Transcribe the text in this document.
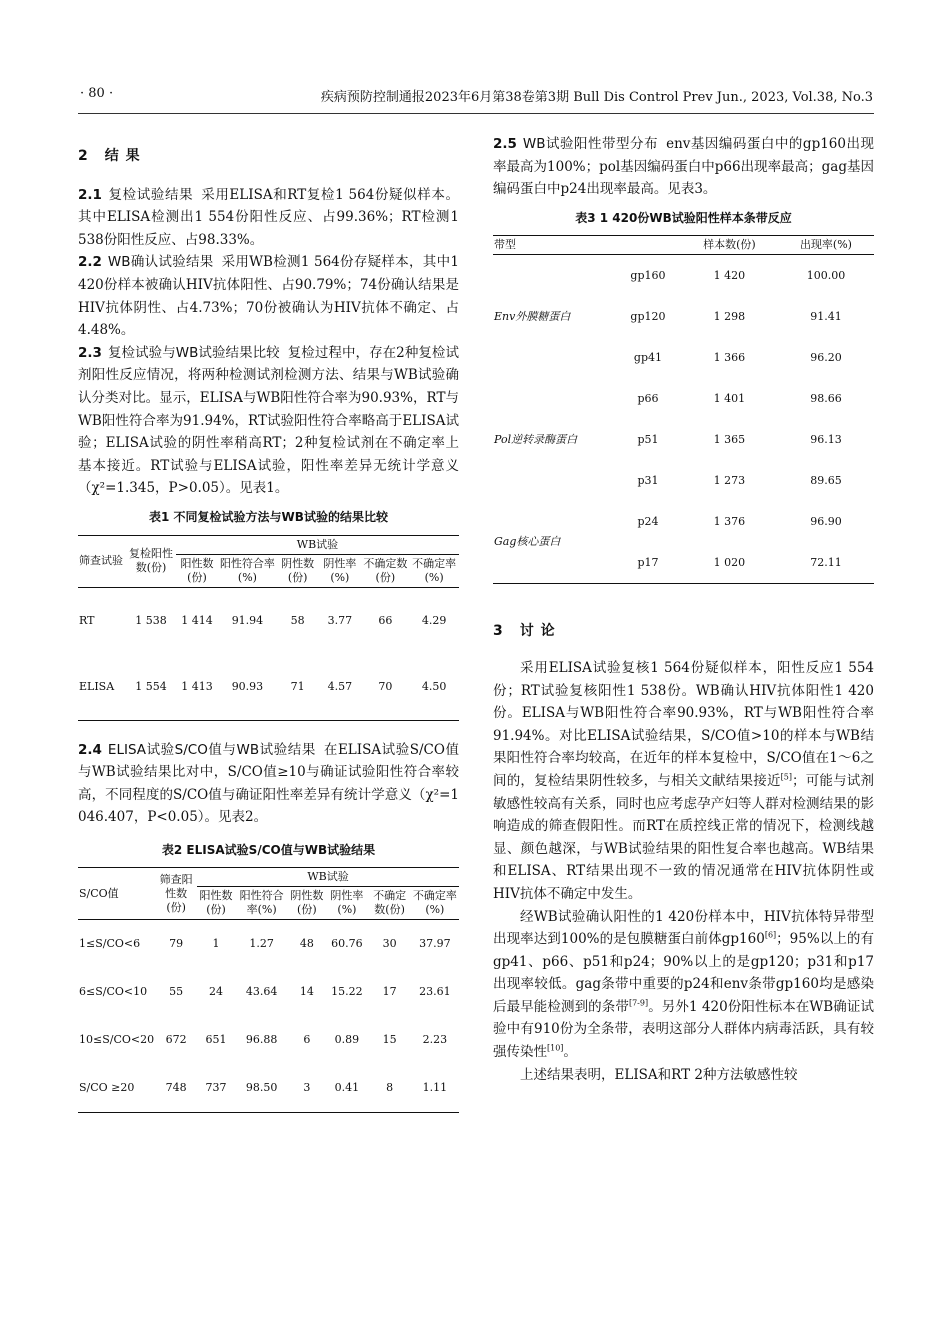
· 80 ·	疾病预防控制通报2023年6月第38卷第3期 Bull Dis Control Prev Jun., 2023, Vol.38, No.3
2 结 果

2.1 复检试验结果 采用ELISA和RT复检1 564份疑似样本。其中ELISA检测出1 554份阳性反应、占99.36%；RT检测1 538份阳性反应、占98.33%。

2.2 WB确认试验结果 采用WB检测1 564份存疑样本，其中1 420份样本被确认HIV抗体阳性、占90.79%；74份确认结果是HIV抗体阴性、占4.73%；70份被确认为HIV抗体不确定、占4.48%。

2.3 复检试验与WB试验结果比较 复检过程中，存在2种复检试剂阳性反应情况，将两种检测试剂检测方法、结果与WB试验确认分类对比。显示，ELISA与WB阳性符合率为90.93%，RT与WB阳性符合率为91.94%，RT试验阳性符合率略高于ELISA试验；ELISA试验的阴性率稍高RT；2种复检试剂在不确定率上基本接近。RT试验与ELISA试验，阳性率差异无统计学意义（χ²=1.345，P>0.05）。见表1。

表1 不同复检试验方法与WB试验的结果比较
筛查试验	复检阳性数(份)	WB试验					
		阳性数(份)	阳性符合率(%)	阴性数(份)	阴性率(%)	不确定数(份)	不确定率(%)
RT	1 538	1 414	91.94	58	3.77	66	4.29
ELISA	1 554	1 413	90.93	71	4.57	70	4.50

2.4 ELISA试验S/CO值与WB试验结果 在ELISA试验S/CO值与WB试验结果比对中，S/CO值≥10与确证试验阳性符合率较高，不同程度的S/CO值与确证阳性率差异有统计学意义（χ²=1 046.407，P<0.05）。见表2。

表2 ELISA试验S/CO值与WB试验结果
S/CO值	筛查阳性数(份)	WB试验					
		阳性数(份)	阳性符合率(%)	阴性数(份)	阴性率(%)	不确定数(份)	不确定率(%)
1≤S/CO<6	79	1	1.27	48	60.76	30	37.97
6≤S/CO<10	55	24	43.64	14	15.22	17	23.61
10≤S/CO<20	672	651	96.88	6	0.89	15	2.23
S/CO ≥20	748	737	98.50	3	0.41	8	1.11

2.5 WB试验阳性带型分布 env基因编码蛋白中的gp160出现率最高为100%；pol基因编码蛋白中p66出现率最高；gag基因编码蛋白中p24出现率最高。见表3。

表3 1 420份WB试验阳性样本条带反应
带型		样本数(份)	出现率(%)
Env外膜糖蛋白	gp160	1 420	100.00
	gp120	1 298	91.41
	gp41	1 366	96.20
Pol逆转录酶蛋白	p66	1 401	98.66
	p51	1 365	96.13
	p31	1 273	89.65
Gag核心蛋白	p24	1 376	96.90
	p17	1 020	72.11
3 讨 论

采用ELISA试验复核1 564份疑似样本，阳性反应1 554份；RT试验复核阳性1 538份。WB确认HIV抗体阳性1 420份。ELISA与WB阳性符合率90.93%，RT与WB阳性符合率91.94%。对比ELISA试验结果，S/CO值>10的样本与WB结果阳性符合率均较高，在近年的样本复检中，S/CO值在1～6之间的，复检结果阴性较多，与相关文献结果接近[5]；可能与试剂敏感性较高有关系，同时也应考虑孕产妇等人群对检测结果的影响造成的筛查假阳性。而RT在质控线正常的情况下，检测线越显、颜色越深，与WB试验结果的阳性复合率也越高。WB结果和ELISA、RT结果出现不一致的情况通常在HIV抗体阴性或HIV抗体不确定中发生。

经WB试验确认阳性的1 420份样本中，HIV抗体特异带型出现率达到100%的是包膜糖蛋白前体gp160[6]；95%以上的有gp41、p66、p51和p24；90%以上的是gp120；p31和p17出现率较低。gag条带中重要的p24和env条带gp160均是感染后最早能检测到的条带[7-9]。另外1 420份阳性标本在WB确证试验中有910份为全条带，表明这部分人群体内病毒活跃，具有较强传染性[10]。

上述结果表明，ELISA和RT 2种方法敏感性较
